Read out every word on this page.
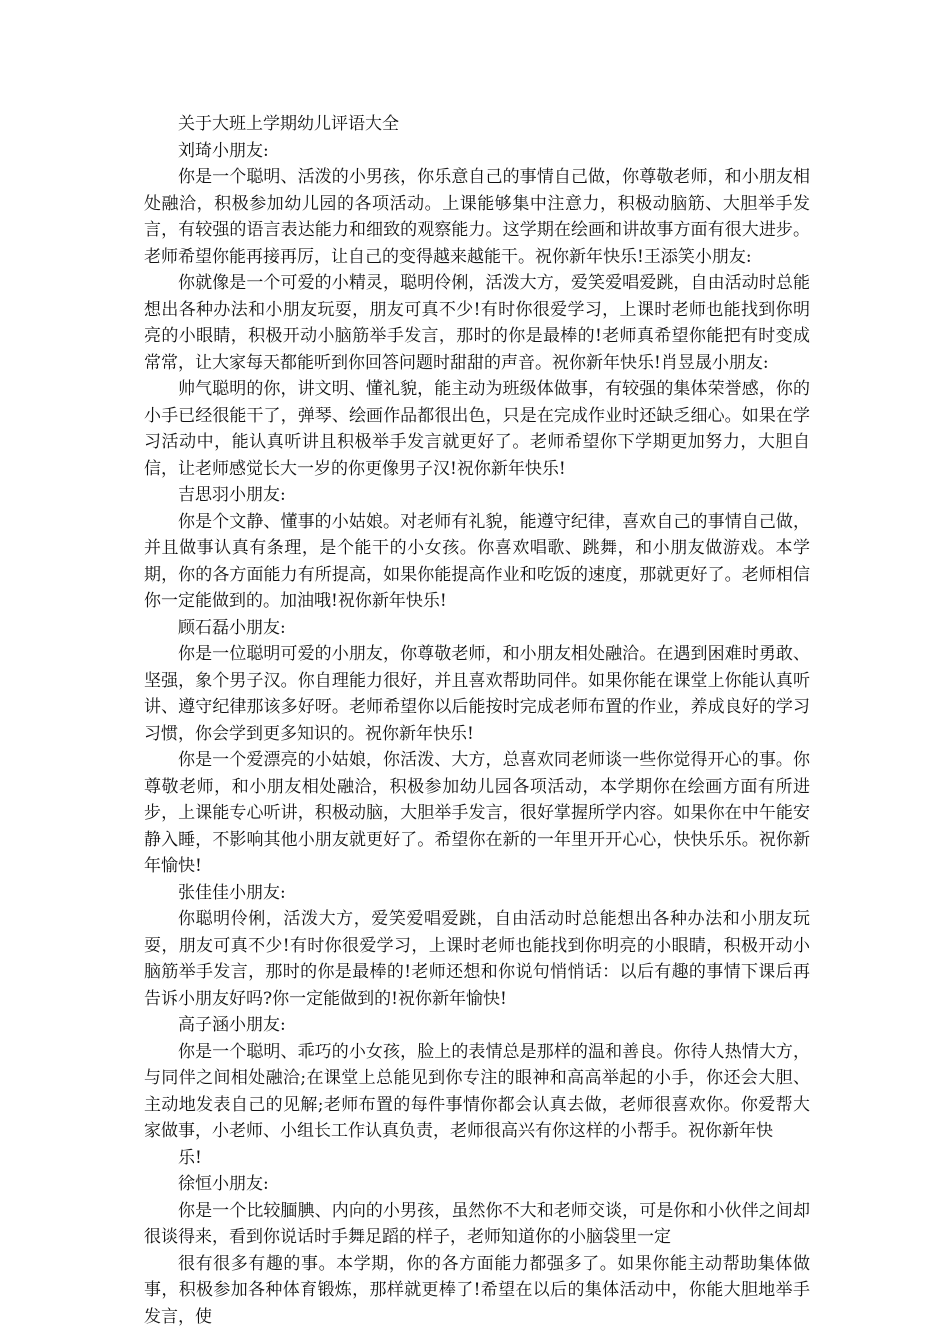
关于大班上学期幼儿评语大全

刘琦小朋友:

你是一个聪明、活泼的小男孩，你乐意自己的事情自己做，你尊敬老师，和小朋友相处融洽，积极参加幼儿园的各项活动。上课能够集中注意力，积极动脑筋、大胆举手发言，有较强的语言表达能力和细致的观察能力。这学期在绘画和讲故事方面有很大进步。老师希望你能再接再厉，让自己的变得越来越能干。祝你新年快乐!王添笑小朋友:

你就像是一个可爱的小精灵，聪明伶俐，活泼大方，爱笑爱唱爱跳，自由活动时总能想出各种办法和小朋友玩耍，朋友可真不少!有时你很爱学习，上课时老师也能找到你明亮的小眼睛，积极开动小脑筋举手发言，那时的你是最棒的!老师真希望你能把有时变成常常，让大家每天都能听到你回答问题时甜甜的声音。祝你新年快乐!肖昱晟小朋友:

帅气聪明的你，讲文明、懂礼貌，能主动为班级体做事，有较强的集体荣誉感，你的小手已经很能干了，弹琴、绘画作品都很出色，只是在完成作业时还缺乏细心。如果在学习活动中，能认真听讲且积极举手发言就更好了。老师希望你下学期更加努力，大胆自信，让老师感觉长大一岁的你更像男子汉!祝你新年快乐!

吉思羽小朋友:

你是个文静、懂事的小姑娘。对老师有礼貌，能遵守纪律，喜欢自己的事情自己做，并且做事认真有条理，是个能干的小女孩。你喜欢唱歌、跳舞，和小朋友做游戏。本学期，你的各方面能力有所提高，如果你能提高作业和吃饭的速度，那就更好了。老师相信你一定能做到的。加油哦!祝你新年快乐!

顾石磊小朋友:

你是一位聪明可爱的小朋友，你尊敬老师，和小朋友相处融洽。在遇到困难时勇敢、坚强，象个男子汉。你自理能力很好，并且喜欢帮助同伴。如果你能在课堂上你能认真听讲、遵守纪律那该多好呀。老师希望你以后能按时完成老师布置的作业，养成良好的学习习惯，你会学到更多知识的。祝你新年快乐!

你是一个爱漂亮的小姑娘，你活泼、大方，总喜欢同老师谈一些你觉得开心的事。你尊敬老师，和小朋友相处融洽，积极参加幼儿园各项活动，本学期你在绘画方面有所进步，上课能专心听讲，积极动脑，大胆举手发言，很好掌握所学内容。如果你在中午能安静入睡，不影响其他小朋友就更好了。希望你在新的一年里开开心心，快快乐乐。祝你新年愉快!

张佳佳小朋友:

你聪明伶俐，活泼大方，爱笑爱唱爱跳，自由活动时总能想出各种办法和小朋友玩耍，朋友可真不少!有时你很爱学习，上课时老师也能找到你明亮的小眼睛，积极开动小脑筋举手发言，那时的你是最棒的!老师还想和你说句悄悄话：以后有趣的事情下课后再告诉小朋友好吗?你一定能做到的!祝你新年愉快!

高子涵小朋友:

你是一个聪明、乖巧的小女孩，脸上的表情总是那样的温和善良。你待人热情大方，与同伴之间相处融洽;在课堂上总能见到你专注的眼神和高高举起的小手，你还会大胆、主动地发表自己的见解;老师布置的每件事情你都会认真去做，老师很喜欢你。你爱帮大家做事，小老师、小组长工作认真负责，老师很高兴有你这样的小帮手。祝你新年快

乐!

徐恒小朋友:

你是一个比较腼腆、内向的小男孩，虽然你不大和老师交谈，可是你和小伙伴之间却很谈得来，看到你说话时手舞足蹈的样子，老师知道你的小脑袋里一定

很有很多有趣的事。本学期，你的各方面能力都强多了。如果你能主动帮助集体做事，积极参加各种体育锻炼，那样就更棒了!希望在以后的集体活动中，你能大胆地举手发言，使
